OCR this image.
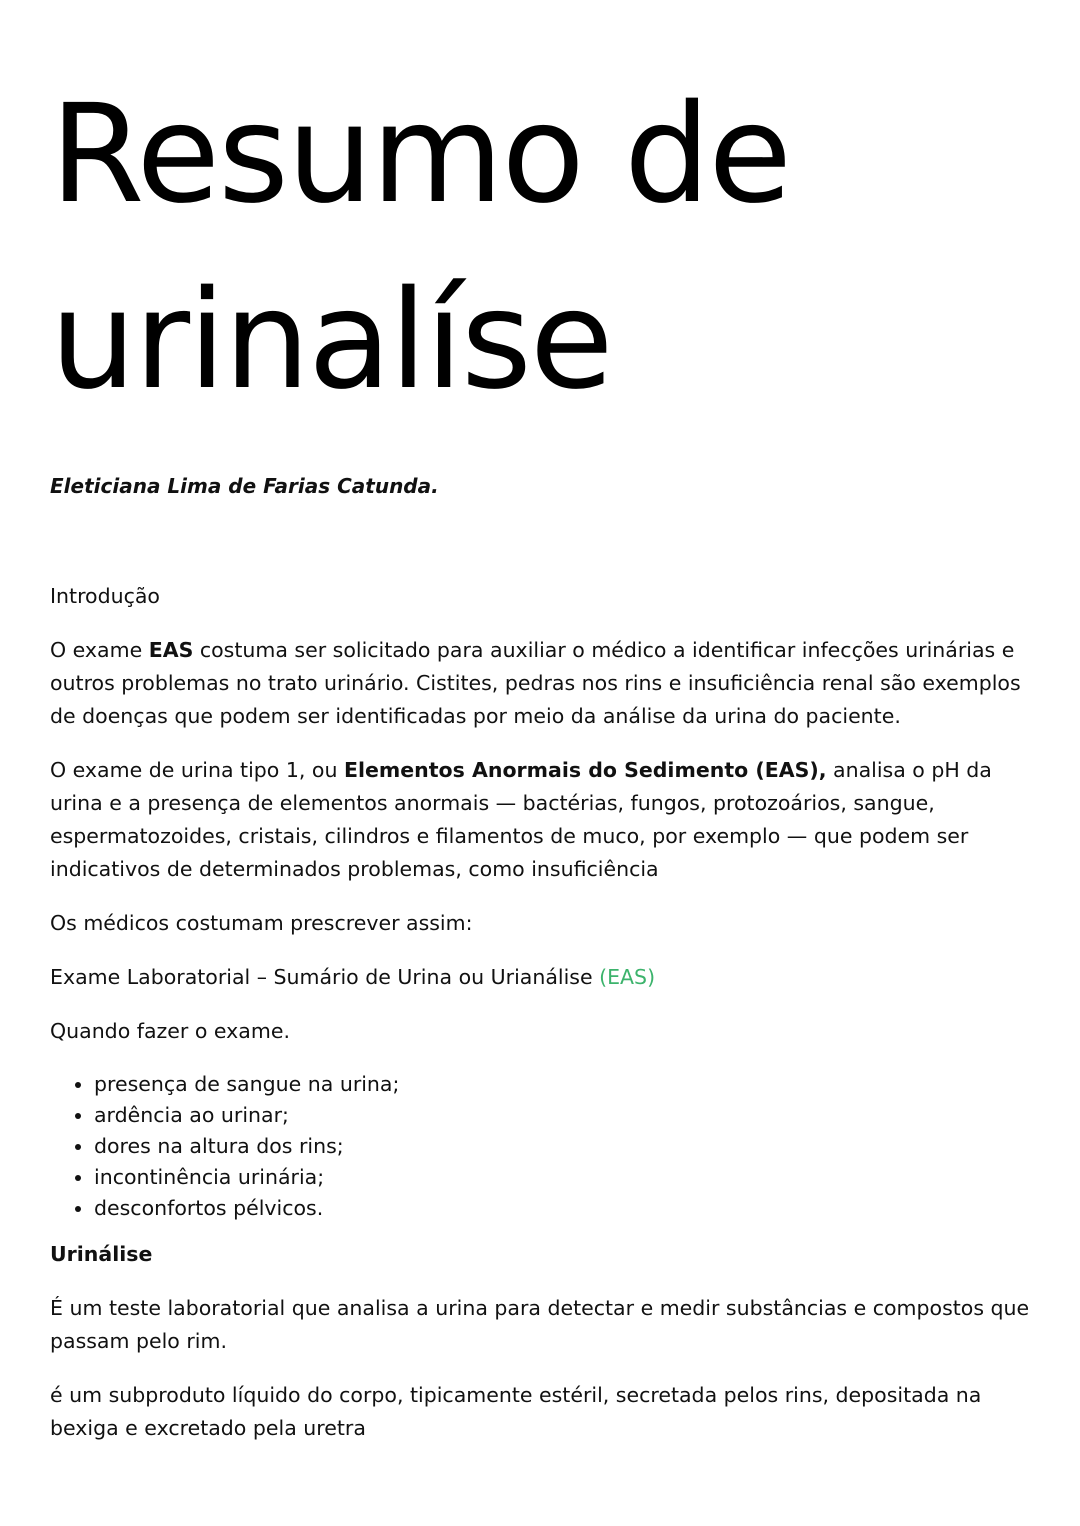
Resumo de
urinalíse
Eleticiana Lima de Farias Catunda.

Introdução

O exame EAS costuma ser solicitado para auxiliar o médico a identificar infecções urinárias e outros problemas no trato urinário. Cistites, pedras nos rins e insuficiência renal são exemplos de doenças que podem ser identificadas por meio da análise da urina do paciente.

O exame de urina tipo 1, ou Elementos Anormais do Sedimento (EAS), analisa o pH da urina e a presença de elementos anormais — bactérias, fungos, protozoários, sangue, espermatozoides, cristais, cilindros e filamentos de muco, por exemplo — que podem ser indicativos de determinados problemas, como insuficiência

Os médicos costumam prescrever assim:

Exame Laboratorial – Sumário de Urina ou Urianálise (EAS)

Quando fazer o exame.

• presença de sangue na urina;
• ardência ao urinar;
• dores na altura dos rins;
• incontinência urinária;
• desconfortos pélvicos.

Urinálise

É um teste laboratorial que analisa a urina para detectar e medir substâncias e compostos que passam pelo rim.

é um subproduto líquido do corpo, tipicamente estéril, secretada pelos rins, depositada na bexiga e excretado pela uretra
